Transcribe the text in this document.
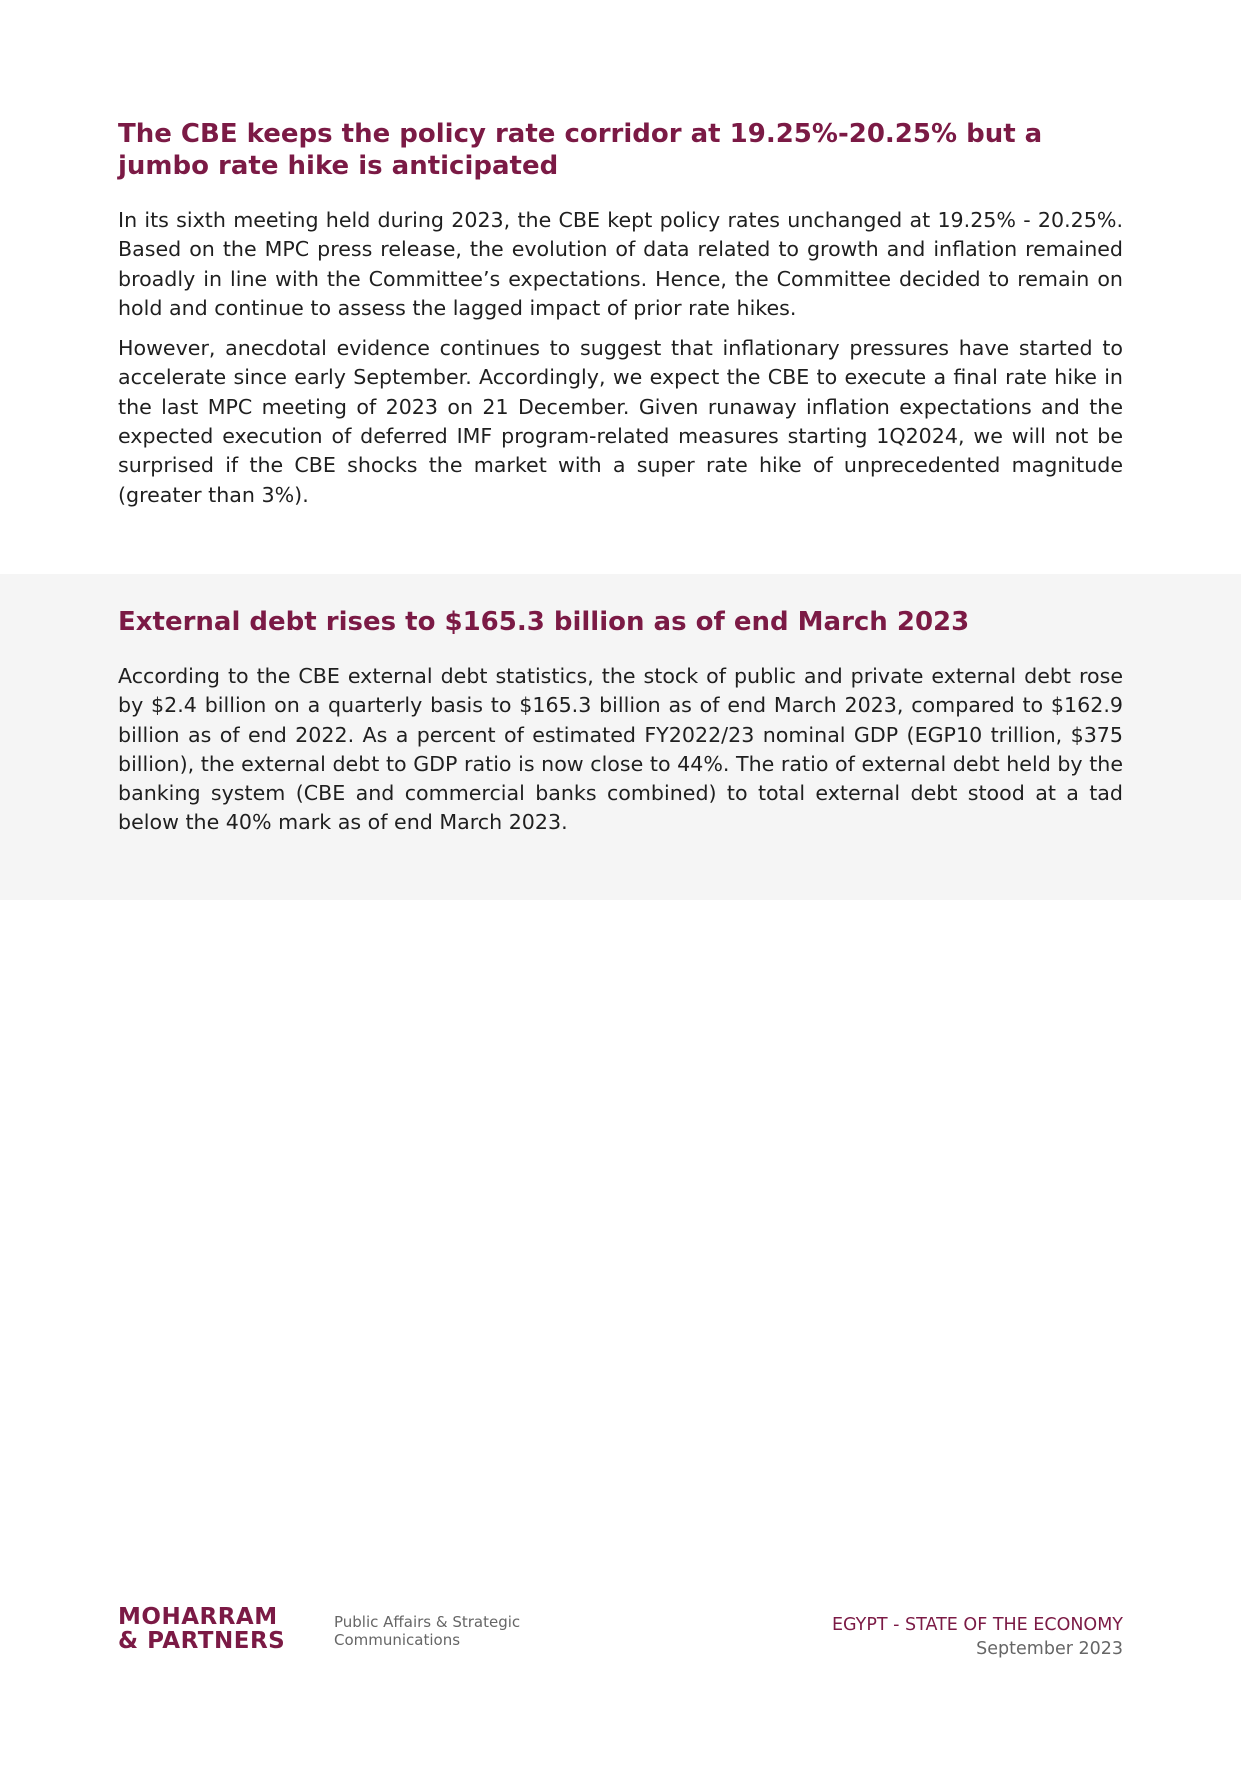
The CBE keeps the policy rate corridor at 19.25%-20.25% but a jumbo rate hike is anticipated

In its sixth meeting held during 2023, the CBE kept policy rates unchanged at 19.25% - 20.25%. Based on the MPC press release, the evolution of data related to growth and inflation remained broadly in line with the Committee’s expectations. Hence, the Committee decided to remain on hold and continue to assess the lagged impact of prior rate hikes.

However, anecdotal evidence continues to suggest that inflationary pressures have started to accelerate since early September. Accordingly, we expect the CBE to execute a final rate hike in the last MPC meeting of 2023 on 21 December. Given runaway inflation expectations and the expected execution of deferred IMF program-related measures starting 1Q2024, we will not be surprised if the CBE shocks the market with a super rate hike of unprecedented magnitude (greater than 3%).

External debt rises to $165.3 billion as of end March 2023

According to the CBE external debt statistics, the stock of public and private external debt rose by $2.4 billion on a quarterly basis to $165.3 billion as of end March 2023, compared to $162.9 billion as of end 2022. As a percent of estimated FY2022/23 nominal GDP (EGP10 trillion, $375 billion), the external debt to GDP ratio is now close to 44%. The ratio of external debt held by the banking system (CBE and commercial banks combined) to total external debt stood at a tad below the 40% mark as of end March 2023.

MOHARRAM
& PARTNERS
Public Affairs & Strategic
Communications
EGYPT - STATE OF THE ECONOMY
September 2023
